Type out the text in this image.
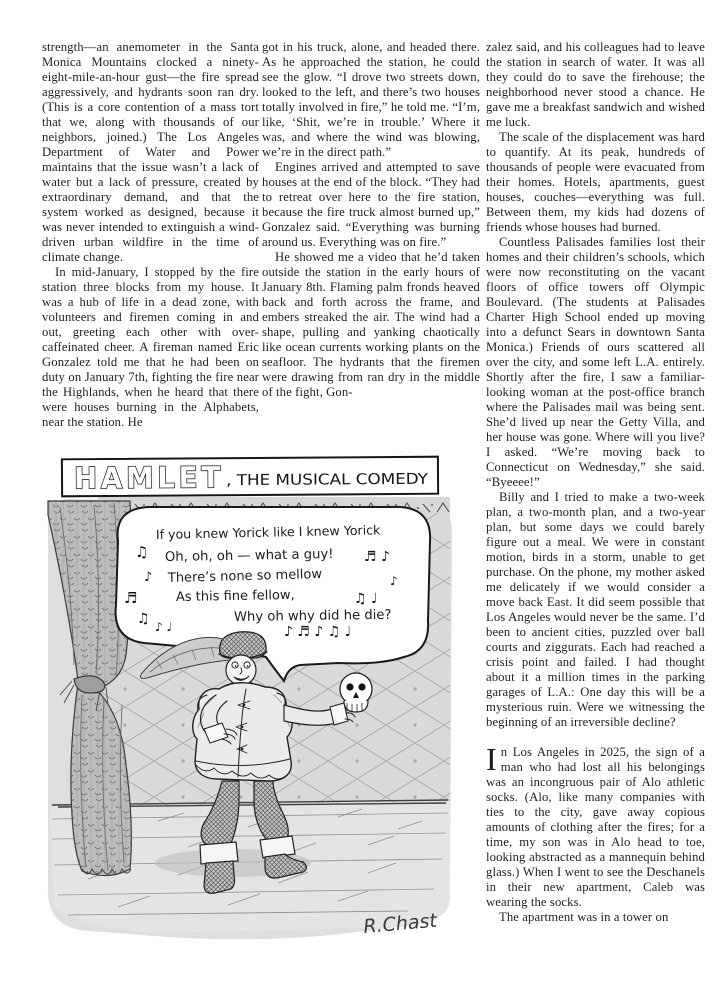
strength—an anemometer in the Santa Monica Mountains clocked a ninety-eight-mile-an-hour gust—the fire spread aggressively, and hydrants soon ran dry. (This is a core contention of a mass tort that we, along with thousands of our neighbors, joined.) The Los Angeles Department of Water and Power maintains that the issue wasn’t a lack of water but a lack of pressure, created by extraordinary demand, and that the system worked as designed, because it was never intended to extinguish a wind-driven urban wildfire in the time of climate change.

In mid-January, I stopped by the fire station three blocks from my house. It was a hub of life in a dead zone, with volunteers and firemen coming in and out, greeting each other with over-caffeinated cheer. A fireman named Eric Gonzalez told me that he had been on duty on January 7th, fighting the fire near the Highlands, when he heard that there were houses burning in the Alphabets, near the station. He

got in his truck, alone, and headed there. As he approached the station, he could see the glow. “I drove two streets down, looked to the left, and there’s two houses totally involved in fire,” he told me. “I’m, like, ‘Shit, we’re in trouble.’ Where it was, and where the wind was blowing, we’re in the direct path.”

Engines arrived and attempted to save houses at the end of the block. “They had to retreat over here to the fire station, because the fire truck almost burned up,” Gonzalez said. “Everything was burning around us. Everything was on fire.”

He showed me a video that he’d taken outside the station in the early hours of January 8th. Flaming palm fronds heaved back and forth across the frame, and embers streaked the air. The wind had a shape, pulling and yanking chaotically like ocean currents working plants on the seafloor. The hydrants that the firemen were drawing from ran dry in the middle of the fight, Gon-

zalez said, and his colleagues had to leave the station in search of water. It was all they could do to save the firehouse; the neighborhood never stood a chance. He gave me a breakfast sandwich and wished me luck.

The scale of the displacement was hard to quantify. At its peak, hundreds of thousands of people were evacuated from their homes. Hotels, apartments, guest houses, couches—everything was full. Between them, my kids had dozens of friends whose houses had burned.

Countless Palisades families lost their homes and their children’s schools, which were now reconstituting on the vacant floors of office towers off Olympic Boulevard. (The students at Palisades Charter High School ended up moving into a defunct Sears in downtown Santa Monica.) Friends of ours scattered all over the city, and some left L.A. entirely. Shortly after the fire, I saw a familiar-looking woman at the post-office branch where the Palisades mail was being sent. She’d lived up near the Getty Villa, and her house was gone. Where will you live? I asked. “We’re moving back to Connecticut on Wednesday,” she said. “Byeeee!”

Billy and I tried to make a two-week plan, a two-month plan, and a two-year plan, but some days we could barely figure out a meal. We were in constant motion, birds in a storm, unable to get purchase. On the phone, my mother asked me delicately if we would consider a move back East. It did seem possible that Los Angeles would never be the same. I’d been to ancient cities, puzzled over ball courts and ziggurats. Each had reached a crisis point and failed. I had thought about it a million times in the parking garages of L.A.: One day this will be a mysterious ruin. Were we witnessing the beginning of an irreversible decline?

In Los Angeles in 2025, the sign of a man who had lost all his belongings was an incongruous pair of Alo athletic socks. (Alo, like many companies with ties to the city, gave away copious amounts of clothing after the fires; for a time, my son was in Alo head to toe, looking abstracted as a mannequin behind glass.) When I went to see the Deschanels in their new apartment, Caleb was wearing the socks.

The apartment was in a tower on

HAMLET
, THE MUSICAL COMEDY
If you knew Yorick like I knew Yorick
Oh, oh, oh — what a guy!
There’s none so mellow
As this fine fellow,
Why oh why did he die?
♫
♪
♬
♫ ♪ ♩
♬ ♪
♫ ♩
♪
♪ ♬ ♪ ♫ ♩
R.Chast
